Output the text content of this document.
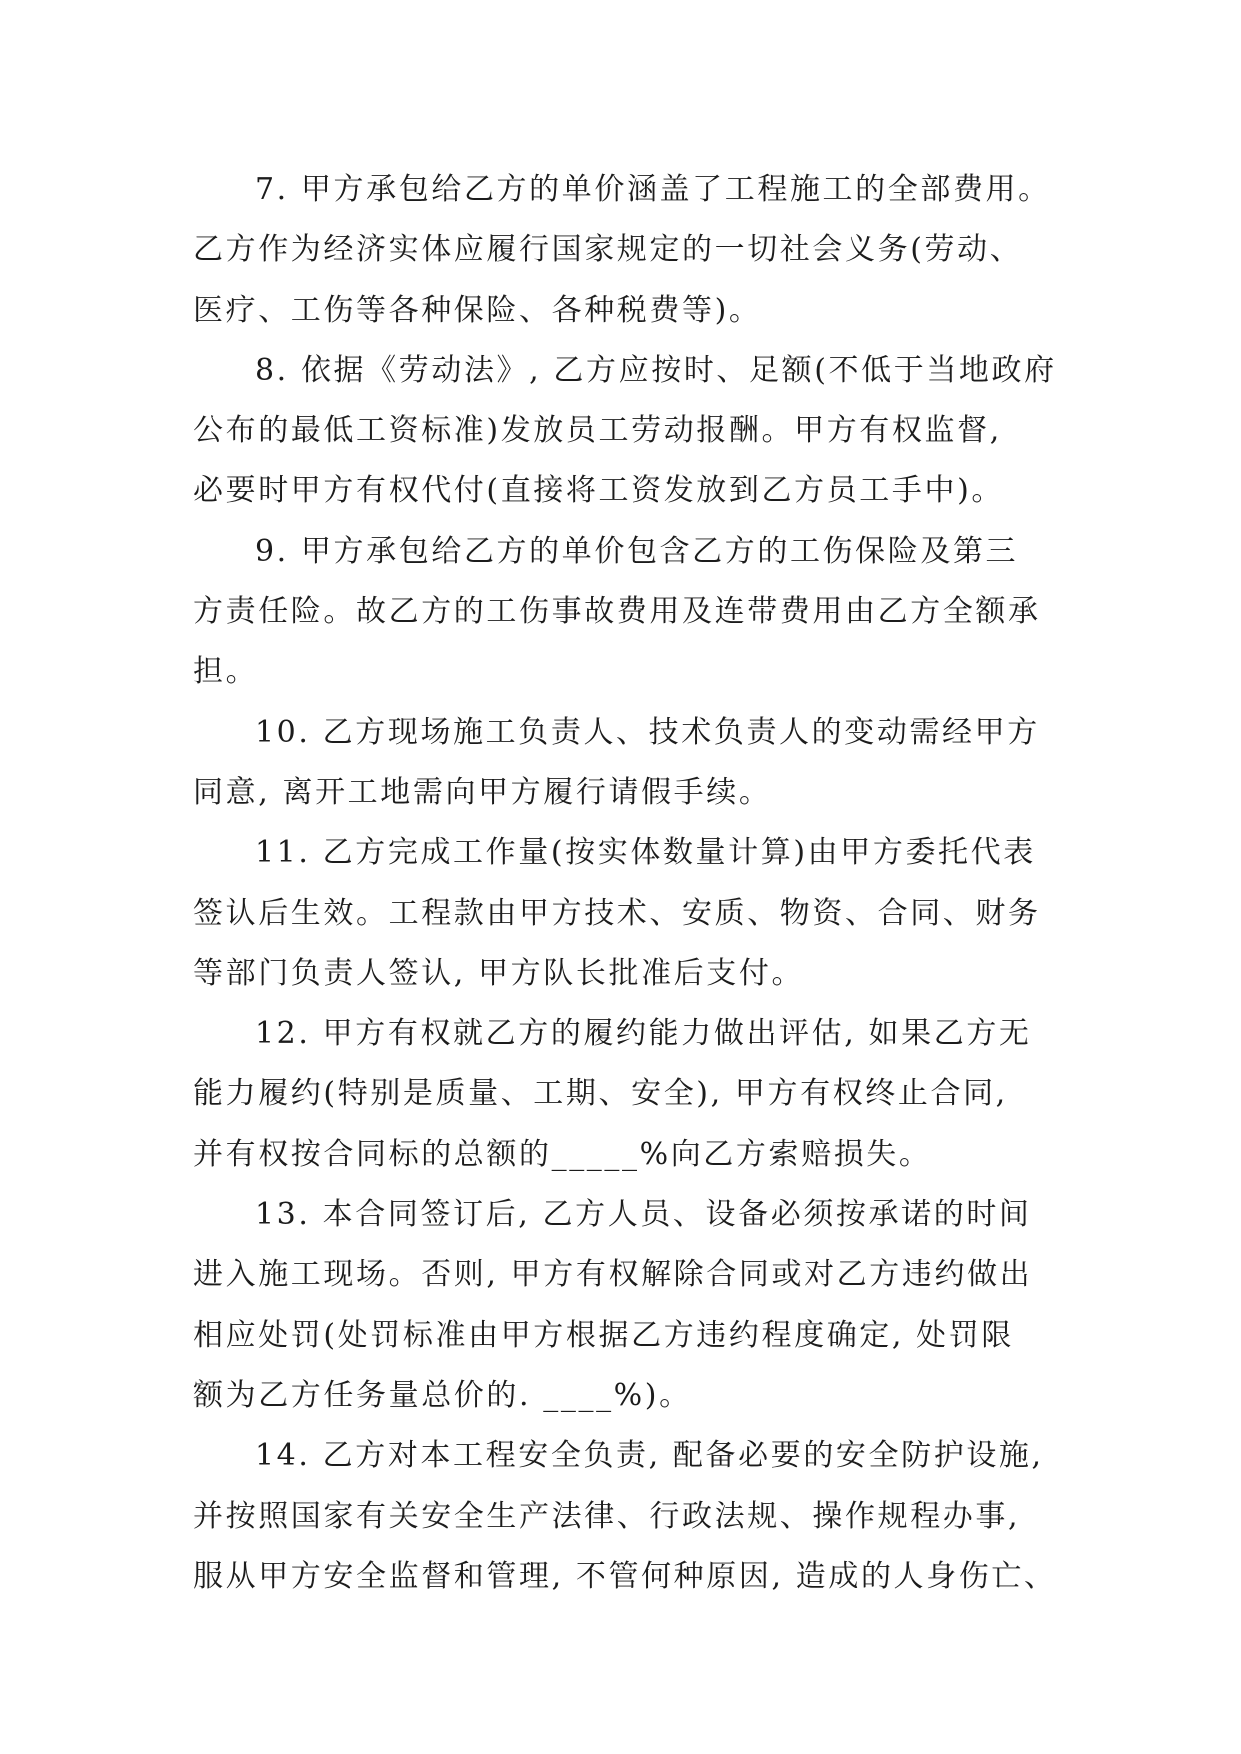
7. 甲方承包给乙方的单价涵盖了工程施工的全部费用。
乙方作为经济实体应履行国家规定的一切社会义务(劳动、
医疗、工伤等各种保险、各种税费等)。
8. 依据《劳动法》, 乙方应按时、足额(不低于当地政府
公布的最低工资标准)发放员工劳动报酬。甲方有权监督,
必要时甲方有权代付(直接将工资发放到乙方员工手中)。
9. 甲方承包给乙方的单价包含乙方的工伤保险及第三
方责任险。故乙方的工伤事故费用及连带费用由乙方全额承
担。
10. 乙方现场施工负责人、技术负责人的变动需经甲方
同意, 离开工地需向甲方履行请假手续。
11. 乙方完成工作量(按实体数量计算)由甲方委托代表
签认后生效。工程款由甲方技术、安质、物资、合同、财务
等部门负责人签认, 甲方队长批准后支付。
12. 甲方有权就乙方的履约能力做出评估, 如果乙方无
能力履约(特别是质量、工期、安全), 甲方有权终止合同,
并有权按合同标的总额的_____%向乙方索赔损失。
13. 本合同签订后, 乙方人员、设备必须按承诺的时间
进入施工现场。否则, 甲方有权解除合同或对乙方违约做出
相应处罚(处罚标准由甲方根据乙方违约程度确定, 处罚限
额为乙方任务量总价的. ____%)。
14. 乙方对本工程安全负责, 配备必要的安全防护设施,
并按照国家有关安全生产法律、行政法规、操作规程办事,
服从甲方安全监督和管理, 不管何种原因, 造成的人身伤亡、
